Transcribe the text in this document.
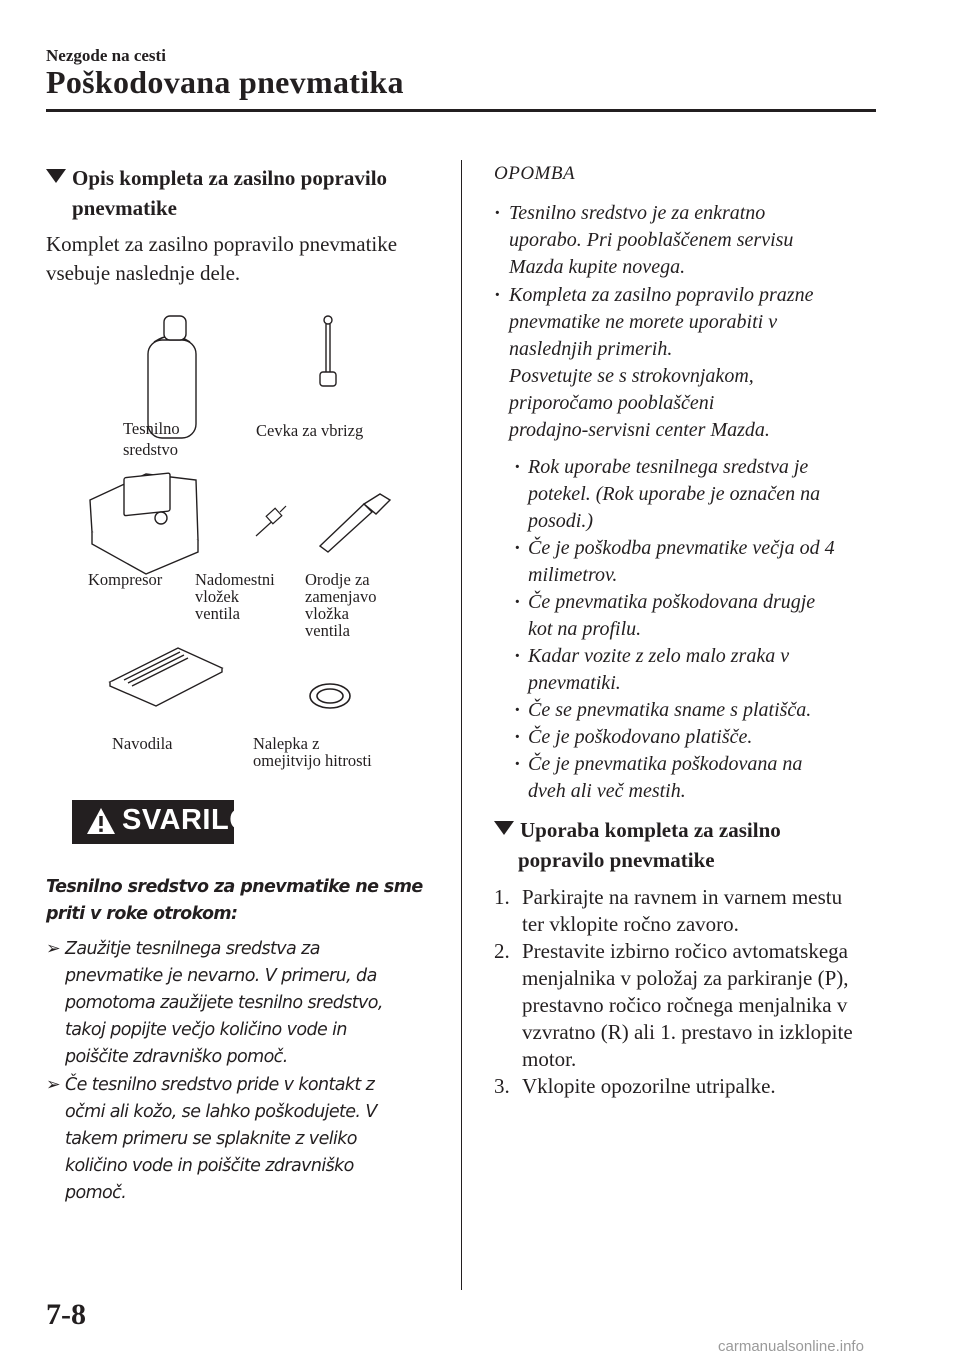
Nezgode na cesti
Poškodovana pnevmatika
Opis kompleta za zasilno popravilo
pnevmatike
Komplet za zasilno popravilo pnevmatike
vsebuje naslednje dele.
Tesnilno
sredstvo
Cevka za vbrizg
Kompresor Nadomestni
vložek
ventila
Orodje za
zamenjavo
vložka
ventila
Navodila	Nalepka z
omejitvijo hitrosti
SVARILO
Tesnilno sredstvo za pnevmatike ne sme
priti v roke otrokom:
➢ Zaužitje tesnilnega sredstva za
pnevmatike je nevarno. V primeru, da
pomotoma zaužijete tesnilno sredstvo,
takoj popijte večjo količino vode in
poiščite zdravniško pomoč.
➢ Če tesnilno sredstvo pride v kontakt z
očmi ali kožo, se lahko poškodujete. V
takem primeru se splaknite z veliko
količino vode in poiščite zdravniško
pomoč.
OPOMBA
· Tesnilno sredstvo je za enkratno
uporabo. Pri pooblaščenem servisu
Mazda kupite novega.
· Kompleta za zasilno popravilo prazne
pnevmatike ne morete uporabiti v
naslednjih primerih.
Posvetujte se s strokovnjakom,
priporočamo pooblaščeni
prodajno-servisni center Mazda.
· Rok uporabe tesnilnega sredstva je
potekel. (Rok uporabe je označen na
posodi.)
· Če je poškodba pnevmatike večja od 4
milimetrov.
· Če pnevmatika poškodovana drugje
kot na profilu.
· Kadar vozite z zelo malo zraka v
pnevmatiki.
· Če se pnevmatika sname s platišča.
· Če je poškodovano platišče.
· Če je pnevmatika poškodovana na
dveh ali več mestih.
Uporaba kompleta za zasilno
popravilo pnevmatike
1. Parkirajte na ravnem in varnem mestu
ter vklopite ročno zavoro.
2. Prestavite izbirno ročico avtomatskega
menjalnika v položaj za parkiranje (P),
prestavno ročico ročnega menjalnika v
vzvratno (R) ali 1. prestavo in izklopite
motor.
3. Vklopite opozorilne utripalke.
7-8
carmanualsonline.info
